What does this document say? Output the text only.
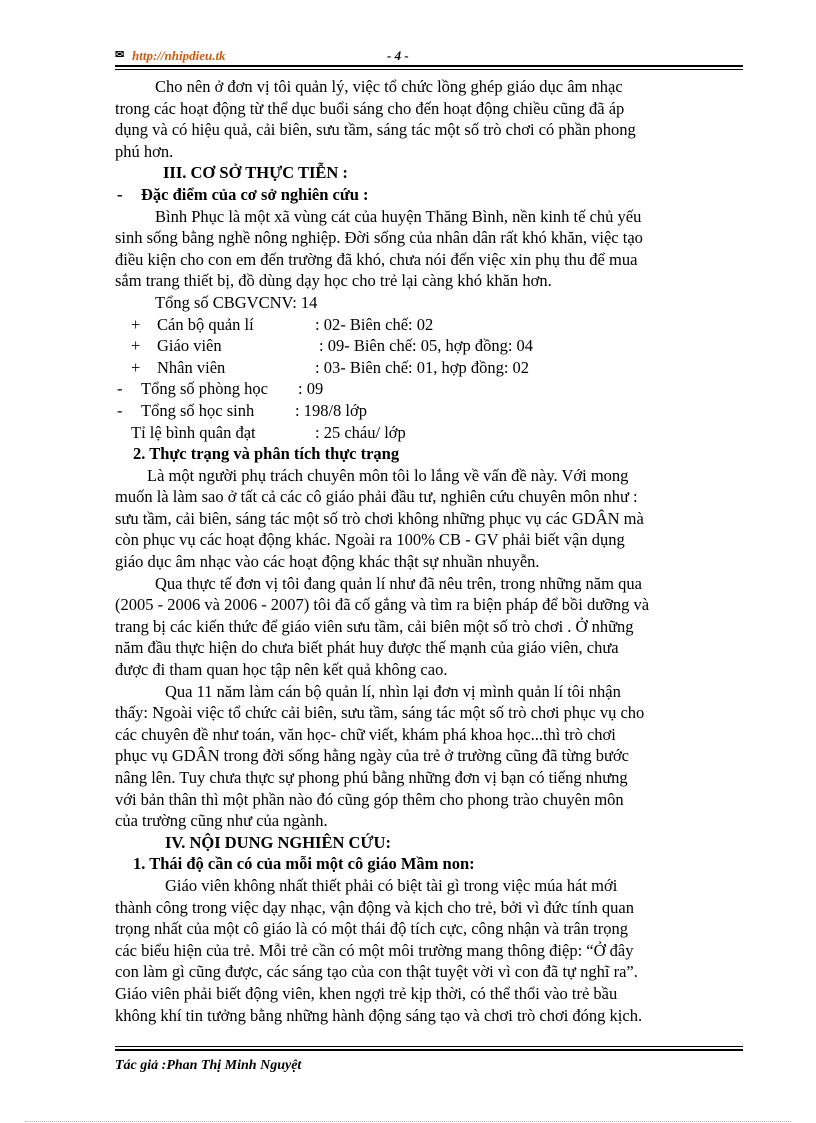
✉ http://nhipdieu.tk	- 4 -
Cho nên ở đơn vị tôi quản lý, việc tổ chức lồng ghép giáo dục âm nhạc
trong các hoạt động từ thể dục buổi sáng cho đến hoạt động chiều cũng đã áp
dụng và có hiệu quả, cải biên, sưu tầm, sáng tác một số trò chơi có phần phong
phú hơn.
III. CƠ SỞ THỰC TIỄN :
- Đặc điểm của cơ sở nghiên cứu :
Bình Phục là một xã vùng cát của huyện Thăng Bình, nền kinh tế chủ yếu
sinh sống bằng nghề nông nghiệp. Đời sống của nhân dân rất khó khăn, việc tạo
điều kiện cho con em đến trường đã khó, chưa nói đến việc xin phụ thu để mua
sắm trang thiết bị, đồ dùng dạy học cho trẻ lại càng khó khăn hơn.
Tổng số CBGVCNV: 14
+ Cán bộ quản lí	: 02- Biên chế: 02
+ Giáo viên	: 09- Biên chế: 05, hợp đồng: 04
+ Nhân viên	: 03- Biên chế: 01, hợp đồng: 02
- Tổng số phòng học : 09
- Tổng số học sinh : 198/8 lớp
Tỉ lệ bình quân đạt	: 25 cháu/ lớp
2. Thực trạng và phân tích thực trạng
Là một người phụ trách chuyên môn tôi lo lắng về vấn đề này. Với mong
muốn là làm sao ở tất cả các cô giáo phải đầu tư, nghiên cứu chuyên môn như :
sưu tầm, cải biên, sáng tác một số trò chơi không những phục vụ các GDÂN mà
còn phục vụ các hoạt động khác. Ngoài ra 100% CB - GV phải biết vận dụng
giáo dục âm nhạc vào các hoạt động khác thật sự nhuần nhuyễn.
Qua thực tế đơn vị tôi đang quản lí như đã nêu trên, trong những năm qua
(2005 - 2006 và 2006 - 2007) tôi đã cố gắng và tìm ra biện pháp để bồi dưỡng và
trang bị các kiến thức để giáo viên sưu tầm, cải biên một số trò chơi . Ở những
năm đầu thực hiện do chưa biết phát huy được thế mạnh của giáo viên, chưa
được đi tham quan học tập nên kết quả không cao.
Qua 11 năm làm cán bộ quản lí, nhìn lại đơn vị mình quản lí tôi nhận
thấy: Ngoài việc tổ chức cải biên, sưu tầm, sáng tác một số trò chơi phục vụ cho
các chuyên đề như toán, văn học- chữ viết, khám phá khoa học...thì trò chơi
phục vụ GDÂN trong đời sống hằng ngày của trẻ ở trường cũng đã từng bước
nâng lên. Tuy chưa thực sự phong phú bằng những đơn vị bạn có tiếng nhưng
với bản thân thì một phần nào đó cũng góp thêm cho phong trào chuyên môn
của trường cũng như của ngành.
IV. NỘI DUNG NGHIÊN CỨU:
1. Thái độ cần có của mỗi một cô giáo Mầm non:
Giáo viên không nhất thiết phải có biệt tài gì trong việc múa hát mới
thành công trong việc dạy nhạc, vận động và kịch cho trẻ, bởi vì đức tính quan
trọng nhất của một cô giáo là có một thái độ tích cực, công nhận và trân trọng
các biểu hiện của trẻ. Mỗi trẻ cần có một môi trường mang thông điệp: “Ở đây
con làm gì cũng được, các sáng tạo của con thật tuyệt vời vì con đã tự nghĩ ra”.
Giáo viên phải biết động viên, khen ngợi trẻ kịp thời, có thể thổi vào trẻ bầu
không khí tin tưởng bằng những hành động sáng tạo và chơi trò chơi đóng kịch.
Tác giả :Phan Thị Minh Nguyệt
